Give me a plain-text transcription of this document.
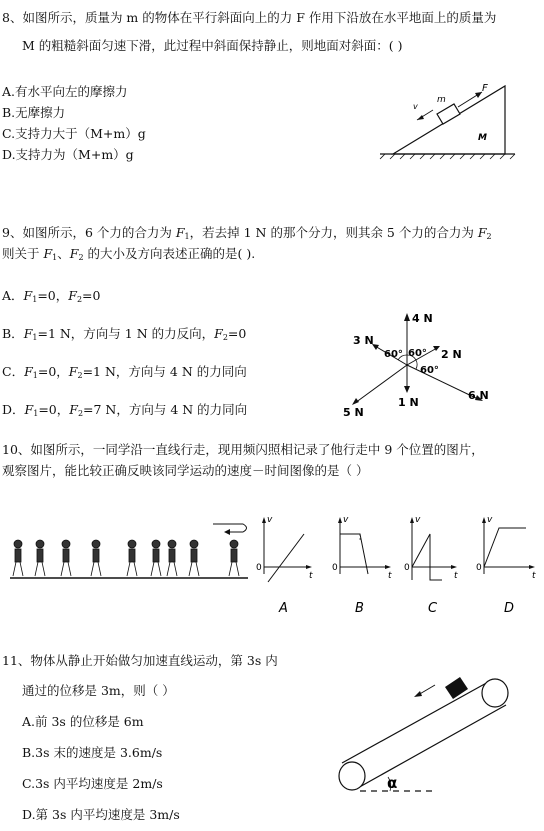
8、如图所示，质量为 m 的物体在平行斜面向上的力 F 作用下沿放在水平地面上的质量为
M 的粗糙斜面匀速下滑，此过程中斜面保持静止，则地面对斜面：( )
A.有水平向左的摩擦力
B.无摩擦力
C.支持力大于（M+m）g
D.支持力为（M+m）g
v
m
F
M
9、如图所示，6 个力的合力为 $F_1$，若去掉 1 N 的那个分力，则其余 5 个力的合力为 $F_2$
则关于 $F_1$、$F_2$ 的大小及方向表述正确的是( ).
A．$F_1=0$，$F_2=0$
B．$F_1=1$ N，方向与 1 N 的力反向，$F_2=0$
C．$F_1=0$，$F_2=1$ N，方向与 4 N 的力同向
D．$F_1=0$，$F_2=7$ N，方向与 4 N 的力同向
4 N
3 N
2 N
6 N
5 N
1 N
60° 60°
60°
10、如图所示，一同学沿一直线行走，现用频闪照相记录了他行走中 9 个位置的图片，
观察图片，能比较正确反映该同学运动的速度－时间图像的是（ ）
v
t
0
A
v
t
0
B
v
t
0
C
v
t
0
D
11、物体从静止开始做匀加速直线运动，第 3s 内
通过的位移是 3m，则（ ）
A.前 3s 的位移是 6m
B.3s 末的速度是 3.6m/s
C.3s 内平均速度是 2m/s
D.第 3s 内平均速度是 3m/s
α
